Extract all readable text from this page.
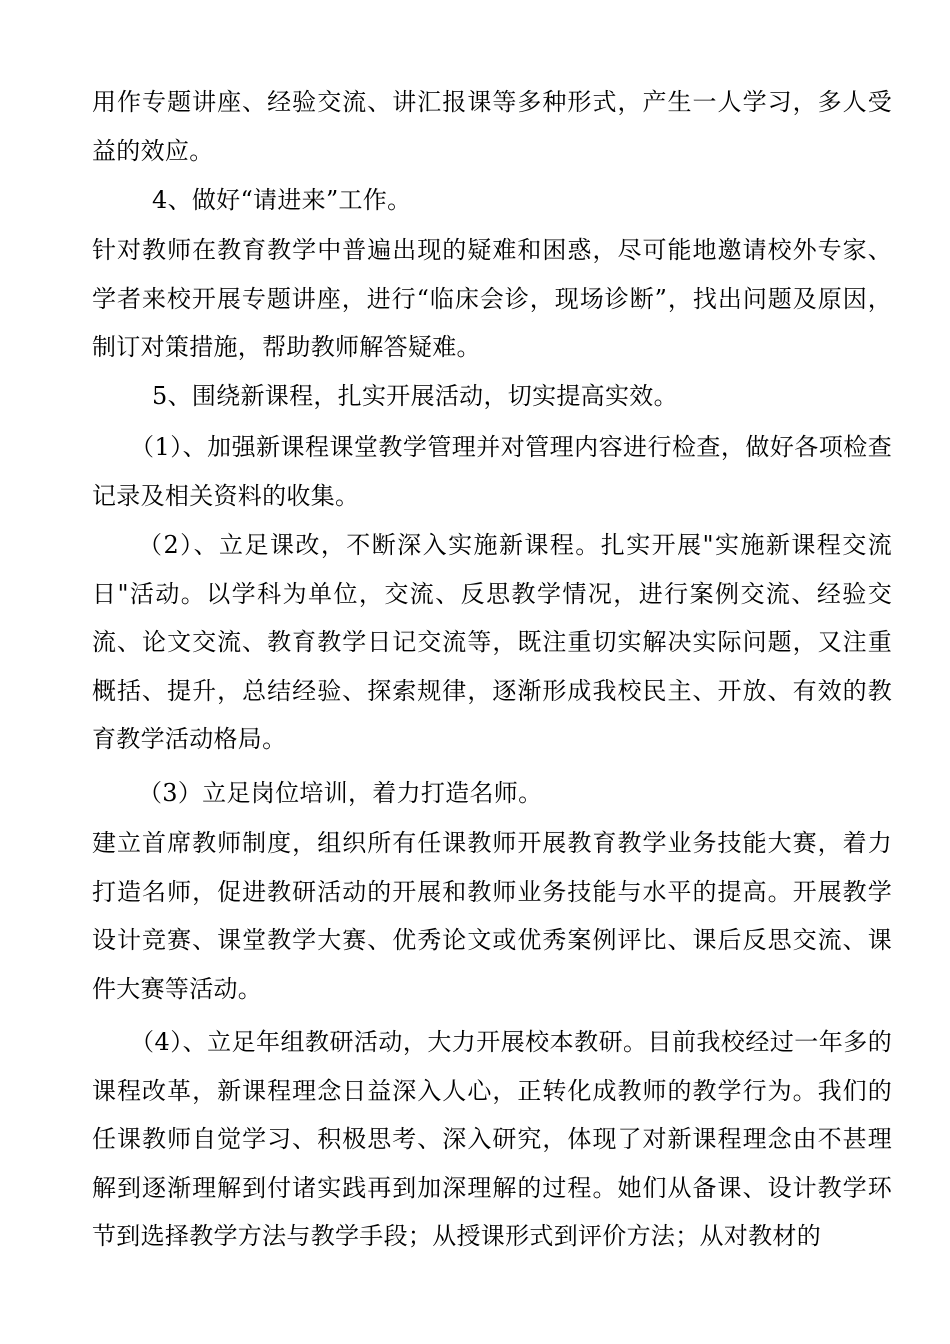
用作专题讲座、经验交流、讲汇报课等多种形式，产生一人学习，多人受益的效应。

4、做好“请进来”工作。

针对教师在教育教学中普遍出现的疑难和困惑，尽可能地邀请校外专家、学者来校开展专题讲座，进行“临床会诊，现场诊断”，找出问题及原因，制订对策措施，帮助教师解答疑难。

5、围绕新课程，扎实开展活动，切实提高实效。

（1）、加强新课程课堂教学管理并对管理内容进行检查，做好各项检查记录及相关资料的收集。

（2）、立足课改，不断深入实施新课程。扎实开展"实施新课程交流日"活动。以学科为单位，交流、反思教学情况，进行案例交流、经验交流、论文交流、教育教学日记交流等，既注重切实解决实际问题，又注重概括、提升，总结经验、探索规律，逐渐形成我校民主、开放、有效的教育教学活动格局。

（3）立足岗位培训，着力打造名师。

建立首席教师制度，组织所有任课教师开展教育教学业务技能大赛，着力打造名师，促进教研活动的开展和教师业务技能与水平的提高。开展教学设计竞赛、课堂教学大赛、优秀论文或优秀案例评比、课后反思交流、课件大赛等活动。

（4）、立足年组教研活动，大力开展校本教研。目前我校经过一年多的课程改革，新课程理念日益深入人心，正转化成教师的教学行为。我们的任课教师自觉学习、积极思考、深入研究，体现了对新课程理念由不甚理解到逐渐理解到付诸实践再到加深理解的过程。她们从备课、设计教学环节到选择教学方法与教学手段；从授课形式到评价方法；从对教材的
